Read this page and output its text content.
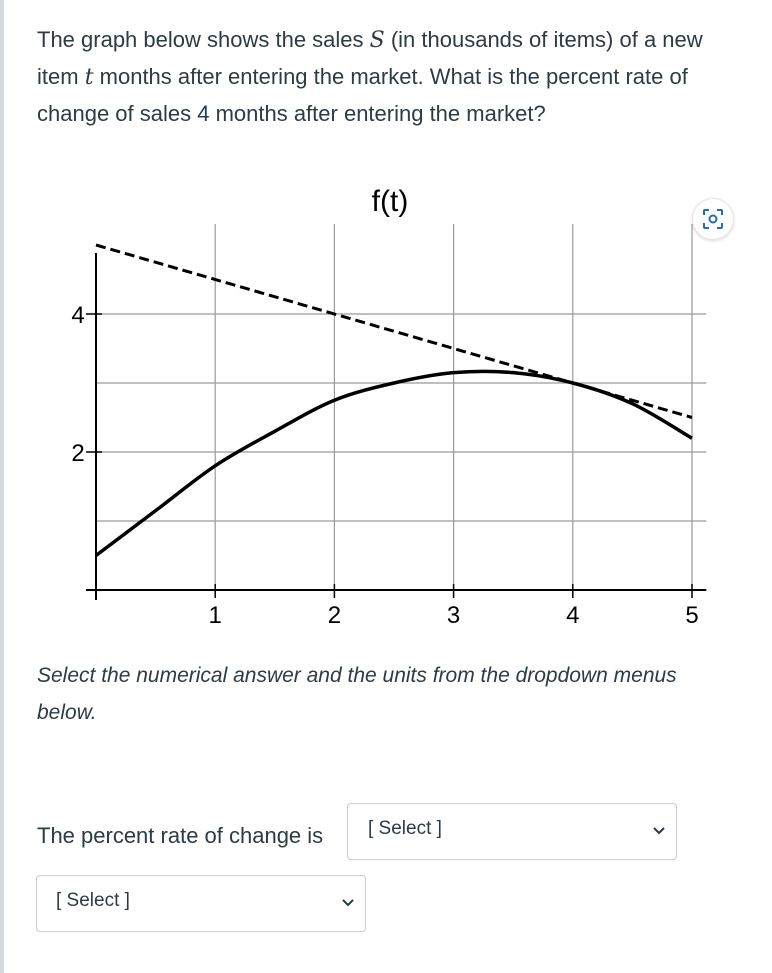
The graph below shows the sales S (in thousands of items) of a new item t months after entering the market. What is the percent rate of change of sales 4 months after entering the market?
1	2	3	4	5
2
4
f(t)
Select the numerical answer and the units from the dropdown menus below.
The percent rate of change is [ Select ]
[ Select ]
